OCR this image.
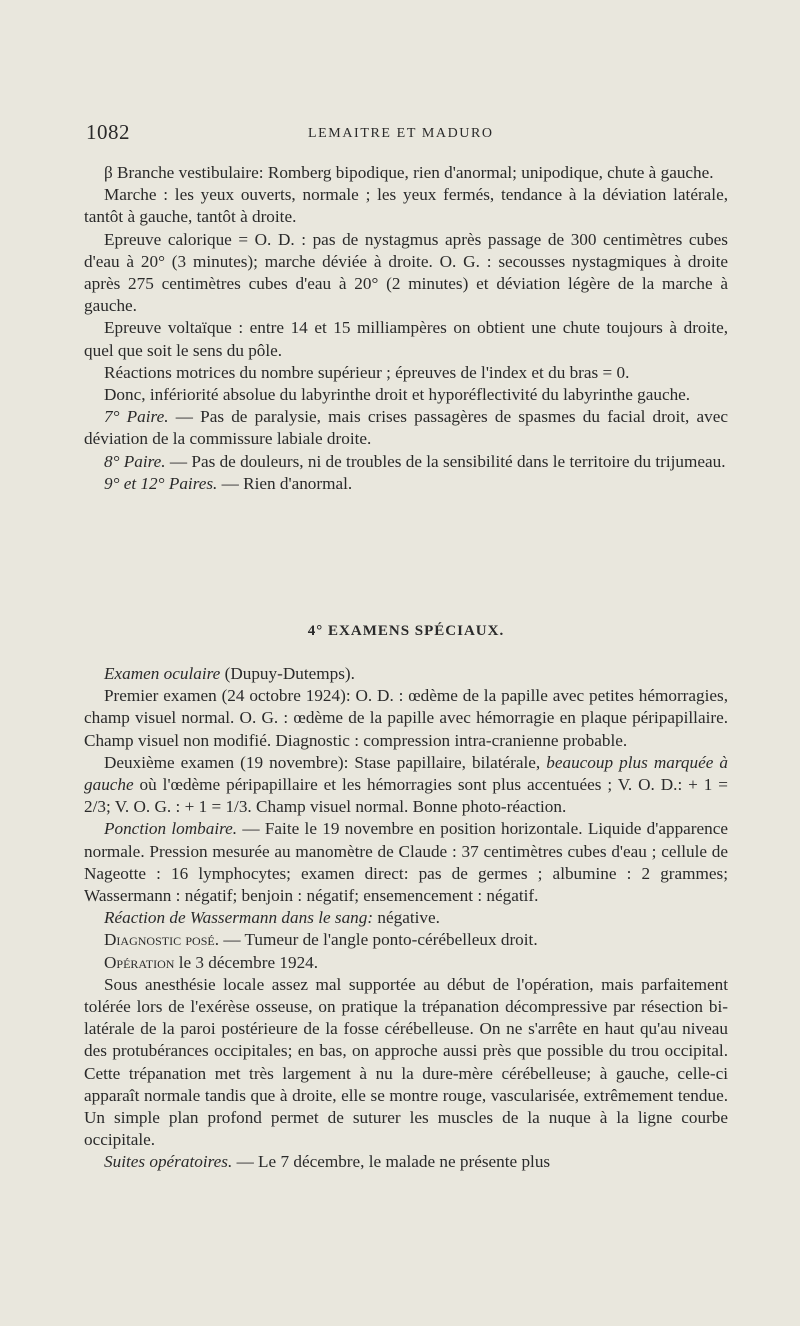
1082	LEMAITRE ET MADURO

β Branche vestibulaire: Romberg bipodique, rien d'anormal; unipodique, chute à gauche.

Marche : les yeux ouverts, normale ; les yeux fermés, tendance à la déviation latérale, tantôt à gauche, tantôt à droite.

Epreuve calorique = O. D. : pas de nystagmus après passage de 300 centimètres cubes d'eau à 20° (3 minutes); marche déviée à droite. O. G. : secousses nystagmiques à droite après 275 centimètres cubes d'eau à 20° (2 minutes) et déviation légère de la marche à gauche.

Epreuve voltaïque : entre 14 et 15 milliampères on obtient une chute toujours à droite, quel que soit le sens du pôle.

Réactions motrices du nombre supérieur ; épreuves de l'index et du bras = 0.

Donc, infériorité absolue du labyrinthe droit et hyporéflectivité du labyrinthe gauche.

7° Paire. — Pas de paralysie, mais crises passagères de spasmes du facial droit, avec déviation de la commissure labiale droite.

8° Paire. — Pas de douleurs, ni de troubles de la sensibilité dans le territoire du trijumeau.

9° et 12° Paires. — Rien d'anormal.

4° EXAMENS SPÉCIAUX.

Examen oculaire (Dupuy-Dutemps).

Premier examen (24 octobre 1924): O. D. : œdème de la papille avec petites hémorragies, champ visuel normal. O. G. : œdème de la papille avec hémorragie en plaque péripapillaire. Champ visuel non modifié. Diagnostic : compression intra-cranienne probable.

Deuxième examen (19 novembre): Stase papillaire, bilatérale, beaucoup plus marquée à gauche où l'œdème péripapillaire et les hémorragies sont plus accentuées ; V. O. D.: + 1 = 2/3; V. O. G. : + 1 = 1/3. Champ visuel normal. Bonne photo-réaction.

Ponction lombaire. — Faite le 19 novembre en position horizontale. Liquide d'apparence normale. Pression mesurée au manomètre de Claude : 37 centimètres cubes d'eau ; cellule de Nageotte : 16 lymphocytes; examen direct: pas de germes ; albumine : 2 grammes; Wassermann : négatif; benjoin : négatif; ensemencement : négatif.

Réaction de Wassermann dans le sang: négative.

Diagnostic posé. — Tumeur de l'angle ponto-cérébelleux droit.

Opération le 3 décembre 1924.

Sous anesthésie locale assez mal supportée au début de l'opération, mais parfaitement tolérée lors de l'exérèse osseuse, on pratique la trépanation décompressive par résection bi-latérale de la paroi postérieure de la fosse cérébelleuse. On ne s'arrête en haut qu'au niveau des protubérances occipitales; en bas, on approche aussi près que possible du trou occipital. Cette trépanation met très largement à nu la dure-mère cérébelleuse; à gauche, celle-ci apparaît normale tandis que à droite, elle se montre rouge, vascularisée, extrêmement tendue. Un simple plan profond permet de suturer les muscles de la nuque à la ligne courbe occipitale.

Suites opératoires. — Le 7 décembre, le malade ne présente plus
